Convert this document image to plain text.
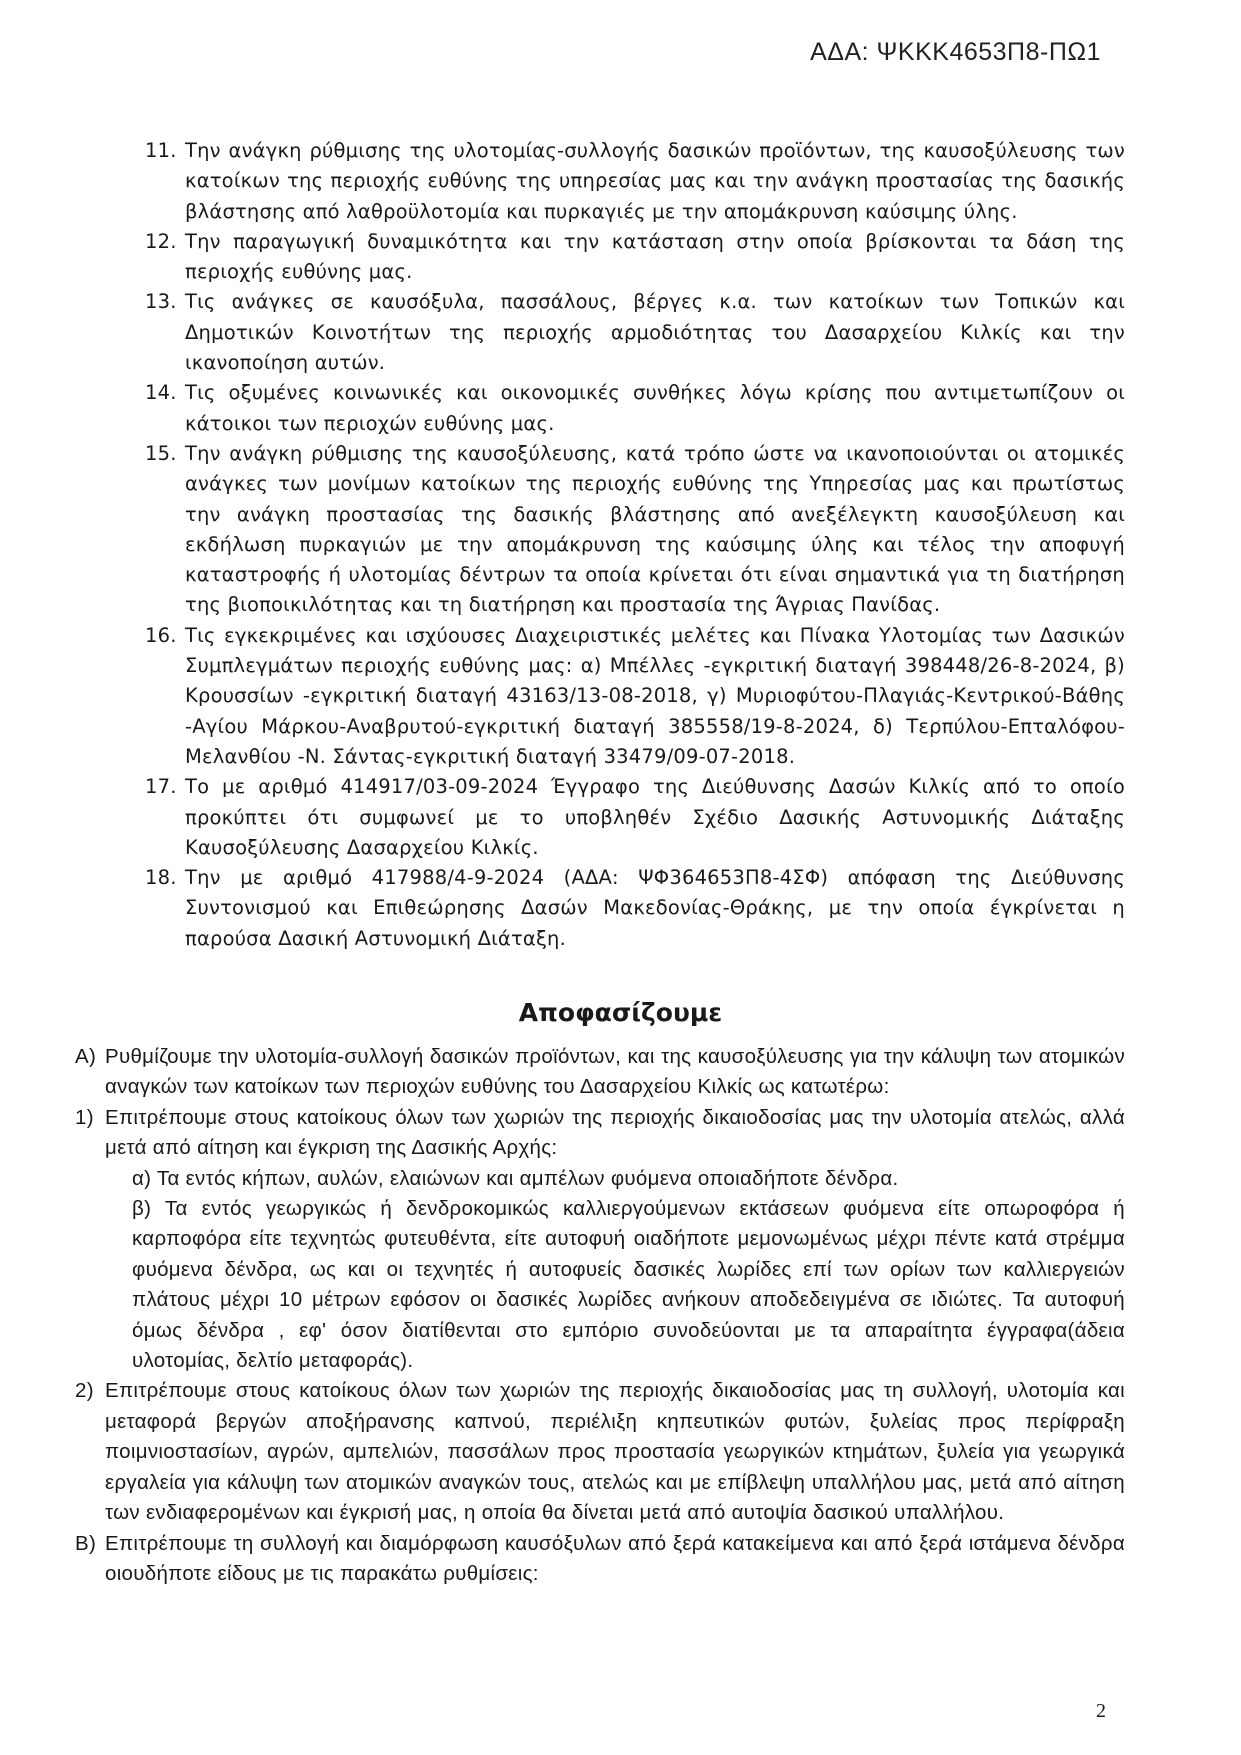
ΑΔΑ: ΨΚΚΚ4653Π8-ΠΩ1
11. Την ανάγκη ρύθμισης της υλοτομίας-συλλογής δασικών προϊόντων, της καυσοξύλευσης των κατοίκων της περιοχής ευθύνης της υπηρεσίας μας και την ανάγκη προστασίας της δασικής βλάστησης από λαθροϋλοτομία και πυρκαγιές με την απομάκρυνση καύσιμης ύλης.
12. Την παραγωγική δυναμικότητα και την κατάσταση στην οποία βρίσκονται τα δάση της περιοχής ευθύνης μας.
13. Τις ανάγκες σε καυσόξυλα, πασσάλους, βέργες κ.α. των κατοίκων των Τοπικών και Δημοτικών Κοινοτήτων της περιοχής αρμοδιότητας του Δασαρχείου Κιλκίς και την ικανοποίηση αυτών.
14. Τις οξυμένες κοινωνικές και οικονομικές συνθήκες λόγω κρίσης που αντιμετωπίζουν οι κάτοικοι των περιοχών ευθύνης μας.
15. Την ανάγκη ρύθμισης της καυσοξύλευσης, κατά τρόπο ώστε να ικανοποιούνται οι ατομικές ανάγκες των μονίμων κατοίκων της περιοχής ευθύνης της Υπηρεσίας μας και πρωτίστως την ανάγκη προστασίας της δασικής βλάστησης από ανεξέλεγκτη καυσοξύλευση και εκδήλωση πυρκαγιών με την απομάκρυνση της καύσιμης ύλης και τέλος την αποφυγή καταστροφής ή υλοτομίας δέντρων τα οποία κρίνεται ότι είναι σημαντικά για τη διατήρηση της βιοποικιλότητας και τη διατήρηση και προστασία της Άγριας Πανίδας.
16. Τις εγκεκριμένες και ισχύουσες Διαχειριστικές μελέτες και Πίνακα Υλοτομίας των Δασικών Συμπλεγμάτων περιοχής ευθύνης μας: α) Μπέλλες -εγκριτική διαταγή 398448/26-8-2024, β) Κρουσσίων -εγκριτική διαταγή 43163/13-08-2018, γ) Μυριοφύτου-Πλαγιάς-Κεντρικού-Βάθης -Αγίου Μάρκου-Αναβρυτού-εγκριτική διαταγή 385558/19-8-2024, δ) Τερπύλου-Επταλόφου-Μελανθίου -Ν. Σάντας-εγκριτική διαταγή 33479/09-07-2018.
17. Το με αριθμό 414917/03-09-2024 Έγγραφο της Διεύθυνσης Δασών Κιλκίς από το οποίο προκύπτει ότι συμφωνεί με το υποβληθέν Σχέδιο Δασικής Αστυνομικής Διάταξης Καυσοξύλευσης Δασαρχείου Κιλκίς.
18. Την με αριθμό 417988/4-9-2024 (ΑΔΑ: ΨΦ364653Π8-4ΣΦ) απόφαση της Διεύθυνσης Συντονισμού και Επιθεώρησης Δασών Μακεδονίας-Θράκης, με την οποία έγκρίνεται η παρούσα Δασική Αστυνομική Διάταξη.
Αποφασίζουμε
Α) Ρυθμίζουμε την υλοτομία-συλλογή δασικών προϊόντων, και της καυσοξύλευσης για την κάλυψη των ατομικών αναγκών των κατοίκων των περιοχών ευθύνης του Δασαρχείου Κιλκίς ως κατωτέρω:
1) Επιτρέπουμε στους κατοίκους όλων των χωριών της περιοχής δικαιοδοσίας μας την υλοτομία ατελώς, αλλά μετά από αίτηση και έγκριση της Δασικής Αρχής:
α) Τα εντός κήπων, αυλών, ελαιώνων και αμπέλων φυόμενα οποιαδήποτε δένδρα.
β) Τα εντός γεωργικώς ή δενδροκομικώς καλλιεργούμενων εκτάσεων φυόμενα είτε οπωροφόρα ή καρποφόρα είτε τεχνητώς φυτευθέντα, είτε αυτοφυή οιαδήποτε μεμονωμένως μέχρι πέντε κατά στρέμμα φυόμενα δένδρα, ως και οι τεχνητές ή αυτοφυείς δασικές λωρίδες επί των ορίων των καλλιεργειών πλάτους μέχρι 10 μέτρων εφόσον οι δασικές λωρίδες ανήκουν αποδεδειγμένα σε ιδιώτες. Τα αυτοφυή όμως δένδρα , εφ' όσον διατίθενται στο εμπόριο συνοδεύονται με τα απαραίτητα έγγραφα(άδεια υλοτομίας, δελτίο μεταφοράς).
2) Επιτρέπουμε στους κατοίκους όλων των χωριών της περιοχής δικαιοδοσίας μας τη συλλογή, υλοτομία και μεταφορά βεργών αποξήρανσης καπνού, περιέλιξη κηπευτικών φυτών, ξυλείας προς περίφραξη ποιμνιοστασίων, αγρών, αμπελιών, πασσάλων προς προστασία γεωργικών κτημάτων, ξυλεία για γεωργικά εργαλεία για κάλυψη των ατομικών αναγκών τους, ατελώς και με επίβλεψη υπαλλήλου μας, μετά από αίτηση των ενδιαφερομένων και έγκρισή μας, η οποία θα δίνεται μετά από αυτοψία δασικού υπαλλήλου.
Β) Επιτρέπουμε τη συλλογή και διαμόρφωση καυσόξυλων από ξερά κατακείμενα και από ξερά ιστάμενα δένδρα οιουδήποτε είδους με τις παρακάτω ρυθμίσεις:
2
